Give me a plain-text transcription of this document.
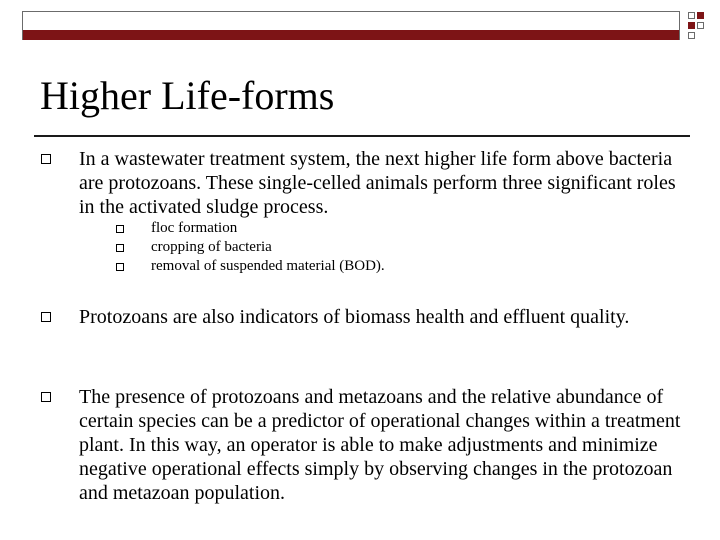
Higher Life-forms

In a wastewater treatment system, the next higher life form above bacteria are protozoans. These single-celled animals perform three significant roles in the activated sludge process.

floc formation

cropping of bacteria

removal of suspended material (BOD).

Protozoans are also indicators of biomass health and effluent quality.

The presence of protozoans and metazoans and the relative abundance of certain species can be a predictor of operational changes within a treatment plant. In this way, an operator is able to make adjustments and minimize negative operational effects simply by observing changes in the protozoan and metazoan population.
